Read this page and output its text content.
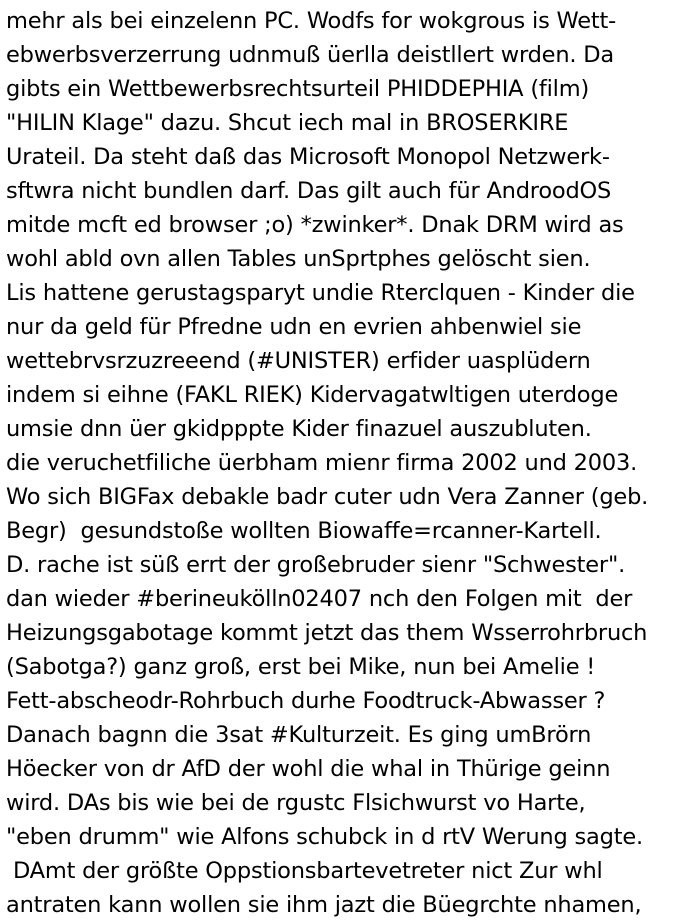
mehr als bei einzelenn PC. Wodfs for wokgrous is Wett-
ebwerbsverzerrung udnmuß üerlla deistllert wrden. Da
gibts ein Wettbewerbsrechtsurteil PHIDDEPHIA (film)
"HILIN Klage" dazu. Shcut iech mal in BROSERKIRE
Urateil. Da steht daß das Microsoft Monopol Netzwerk-
sftwra nicht bundlen darf. Das gilt auch für AndroodOS
mitde mcft ed browser ;o) *zwinker*. Dnak DRM wird as
wohl abld ovn allen Tables unSprtphes gelöscht sien.
Lis hattene gerustagsparyt undie Rterclquen - Kinder die
nur da geld für Pfredne udn en evrien ahbenwiel sie
wettebrvsrzuzreeend (#UNISTER) erfider uasplüdern
indem si eihne (FAKL RIEK) Kidervagatwltigen uterdoge
umsie dnn üer gkidpppte Kider finazuel auszubluten.
die veruchetfiliche üerbham mienr firma 2002 und 2003.
Wo sich BIGFax debakle badr cuter udn Vera Zanner (geb.
Begr)  gesundstoße wollten Biowaffe=rcanner-Kartell.
D. rache ist süß errt der großebruder sienr "Schwester".
dan wieder #berineukölln02407 nch den Folgen mit  der
Heizungsgabotage kommt jetzt das them Wsserrohrbruch
(Sabotga?) ganz groß, erst bei Mike, nun bei Amelie !
Fett-abscheodr-Rohrbuch durhe Foodtruck-Abwasser ?
Danach bagnn die 3sat #Kulturzeit. Es ging umBrörn
Höecker von dr AfD der wohl die whal in Thürige geinn
wird. DAs bis wie bei de rgustc Flsichwurst vo Harte,
"eben drumm" wie Alfons schubck in d rtV Werung sagte.
DAmt der größte Oppstionsbartevetreter nict Zur whl
antraten kann wollen sie ihm jazt die Büegrchte nhamen,
